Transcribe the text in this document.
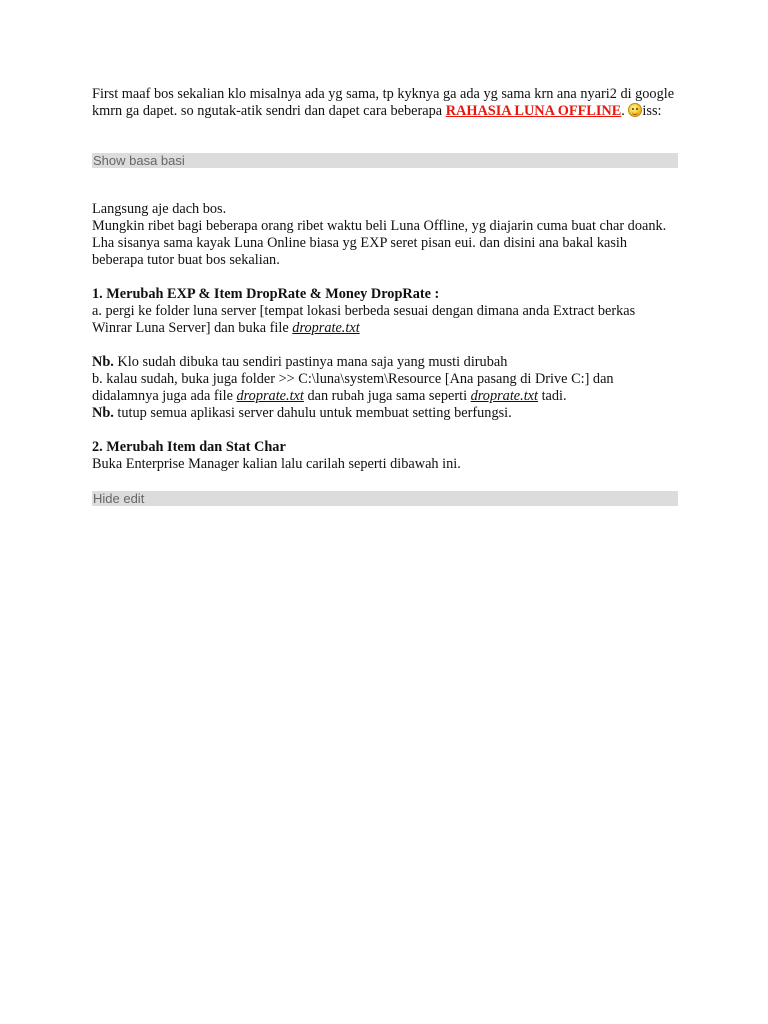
First maaf bos sekalian klo misalnya ada yg sama, tp kyknya ga ada yg sama krn ana nyari2 di google kmrn ga dapet. so ngutak-atik sendri dan dapet cara beberapa RAHASIA LUNA OFFLINE. iss:

Show basa basi

Langsung aje dach bos.

Mungkin ribet bagi beberapa orang ribet waktu beli Luna Offline, yg diajarin cuma buat char doank.

Lha sisanya sama kayak Luna Online biasa yg EXP seret pisan eui. dan disini ana bakal kasih beberapa tutor buat bos sekalian.

1. Merubah EXP & Item DropRate & Money DropRate :

a. pergi ke folder luna server [tempat lokasi berbeda sesuai dengan dimana anda Extract berkas Winrar Luna Server] dan buka file droprate.txt

Nb. Klo sudah dibuka tau sendiri pastinya mana saja yang musti dirubah

b. kalau sudah, buka juga folder >> C:\luna\system\Resource [Ana pasang di Drive C:] dan didalamnya juga ada file droprate.txt dan rubah juga sama seperti droprate.txt tadi.

Nb. tutup semua aplikasi server dahulu untuk membuat setting berfungsi.

2. Merubah Item dan Stat Char

Buka Enterprise Manager kalian lalu carilah seperti dibawah ini.

Hide edit
